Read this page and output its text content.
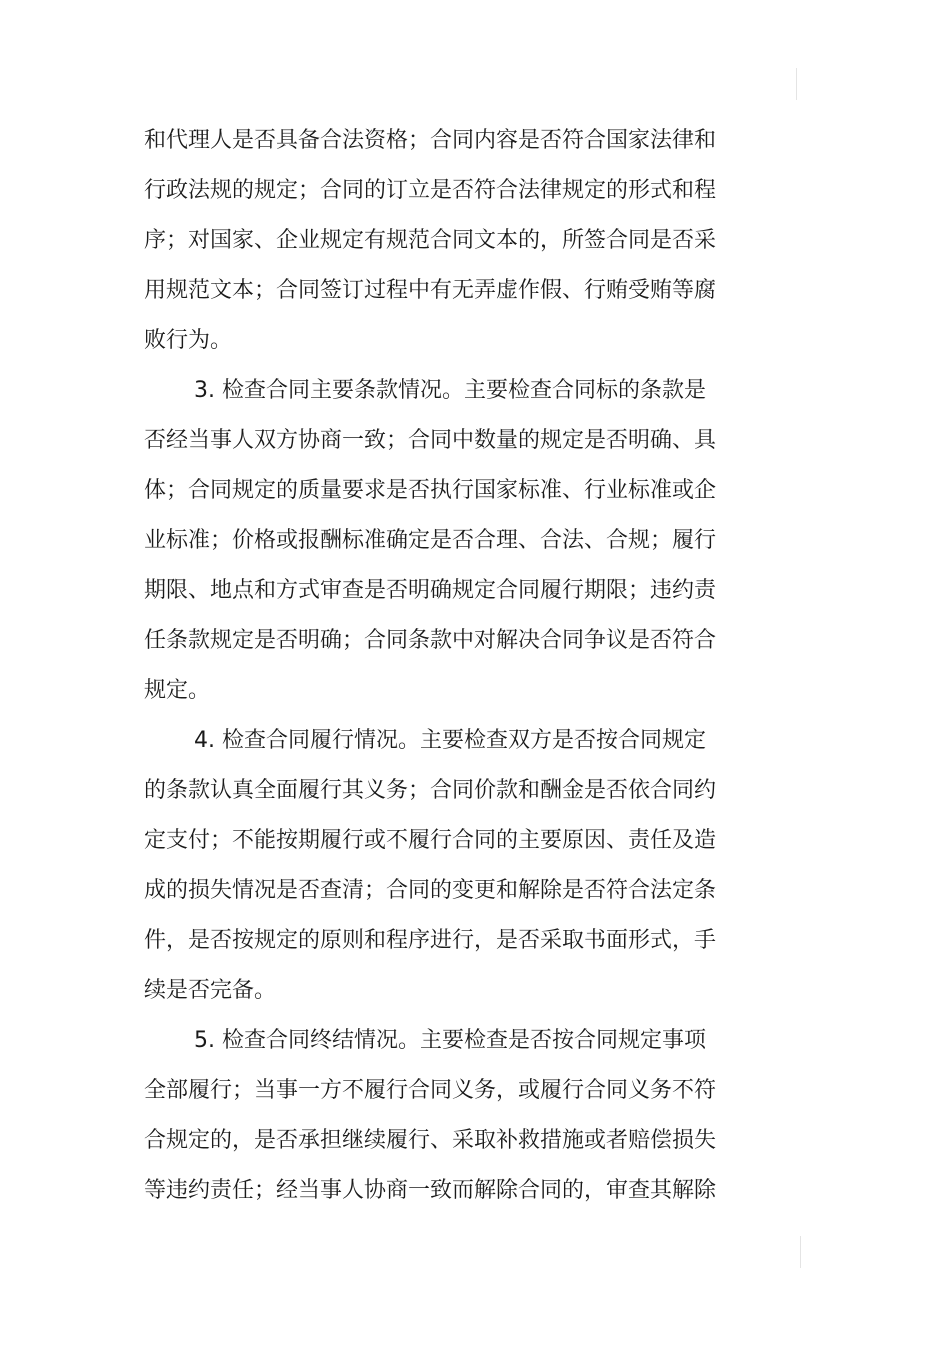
和代理人是否具备合法资格；合同内容是否符合国家法律和
行政法规的规定；合同的订立是否符合法律规定的形式和程
序；对国家、企业规定有规范合同文本的，所签合同是否采
用规范文本；合同签订过程中有无弄虚作假、行贿受贿等腐
败行为。
3. 检查合同主要条款情况。主要检查合同标的条款是
否经当事人双方协商一致；合同中数量的规定是否明确、具
体；合同规定的质量要求是否执行国家标准、行业标准或企
业标准；价格或报酬标准确定是否合理、合法、合规；履行
期限、地点和方式审查是否明确规定合同履行期限；违约责
任条款规定是否明确；合同条款中对解决合同争议是否符合
规定。
4. 检查合同履行情况。主要检查双方是否按合同规定
的条款认真全面履行其义务；合同价款和酬金是否依合同约
定支付；不能按期履行或不履行合同的主要原因、责任及造
成的损失情况是否查清；合同的变更和解除是否符合法定条
件，是否按规定的原则和程序进行，是否采取书面形式，手
续是否完备。
5. 检查合同终结情况。主要检查是否按合同规定事项
全部履行；当事一方不履行合同义务，或履行合同义务不符
合规定的，是否承担继续履行、采取补救措施或者赔偿损失
等违约责任；经当事人协商一致而解除合同的，审查其解除
